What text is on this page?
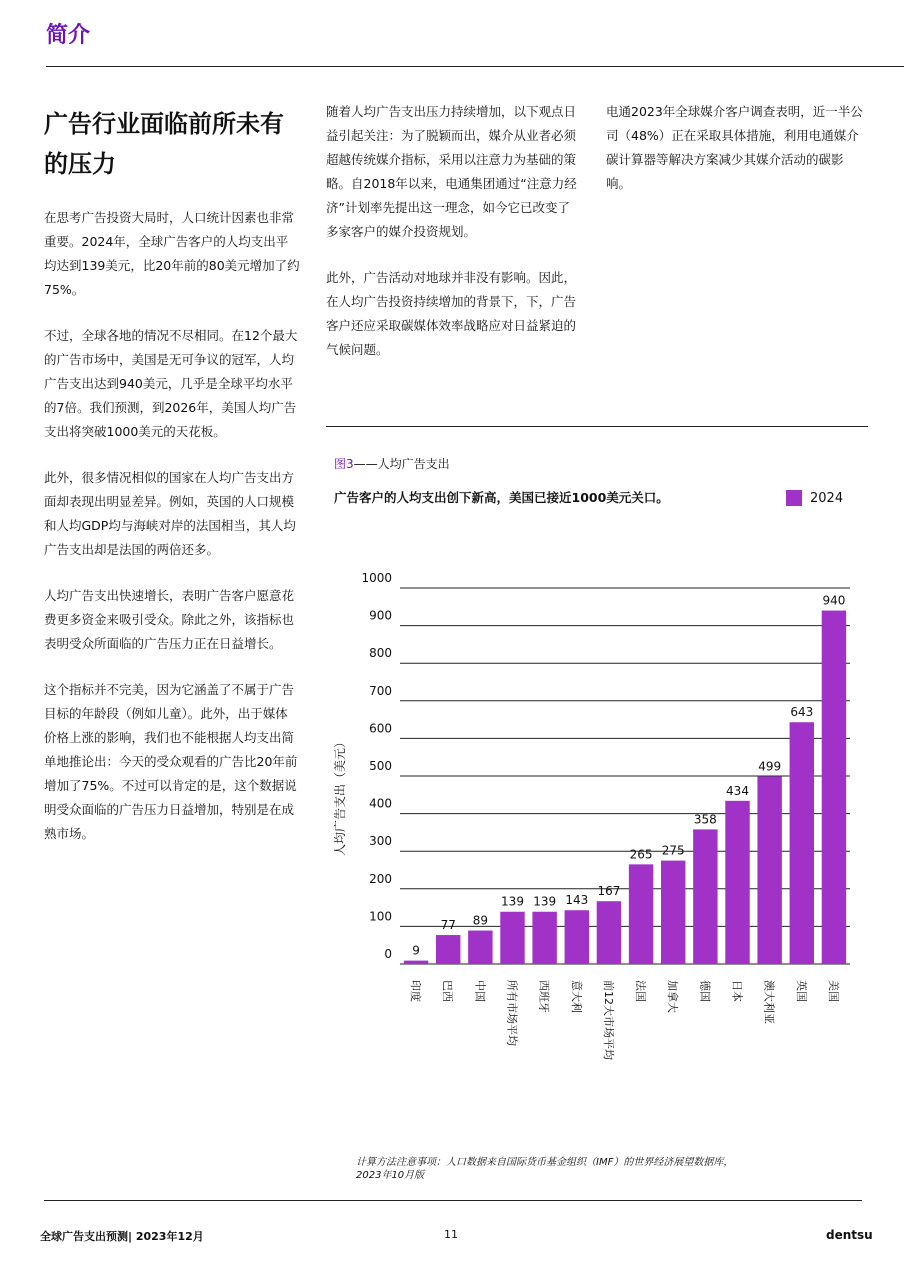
简介
广告行业面临前所未有的压力

在思考广告投资大局时，人口统计因素也非常重要。2024年，全球广告客户的人均支出平均达到139美元，比20年前的80美元增加了约75%。

不过，全球各地的情况不尽相同。在12个最大的广告市场中，美国是无可争议的冠军，人均广告支出达到940美元，几乎是全球平均水平的7倍。我们预测，到2026年，美国人均广告支出将突破1000美元的天花板。

此外，很多情况相似的国家在人均广告支出方面却表现出明显差异。例如，英国的人口规模和人均GDP均与海峡对岸的法国相当，其人均广告支出却是法国的两倍还多。

人均广告支出快速增长，表明广告客户愿意花费更多资金来吸引受众。除此之外，该指标也表明受众所面临的广告压力正在日益增长。

这个指标并不完美，因为它涵盖了不属于广告目标的年龄段（例如儿童）。此外，出于媒体价格上涨的影响，我们也不能根据人均支出简单地推论出：今天的受众观看的广告比20年前增加了75%。不过可以肯定的是，这个数据说明受众面临的广告压力日益增加，特别是在成熟市场。

随着人均广告支出压力持续增加，以下观点日益引起关注：为了脱颖而出，媒介从业者必须超越传统媒介指标，采用以注意力为基础的策略。自2018年以来，电通集团通过“注意力经济”计划率先提出这一理念，如今它已改变了多家客户的媒介投资规划。

此外，广告活动对地球并非没有影响。因此，在人均广告投资持续增加的背景下，下，广告客户还应采取碳媒体效率战略应对日益紧迫的气候问题。

电通2023年全球媒介客户调查表明，近一半公司（48%）正在采取具体措施，利用电通媒介碳计算器等解决方案减少其媒介活动的碳影响。

图3——人均广告支出
广告客户的人均支出创下新高，美国已接近1000美元关口。	2024
0
100
200
300
400
500
600
700
800
900
1000
人均广告支出（美元）
9
印度
77
巴西
89
中国
139
所有市场平均
139
西班牙
143
意大利
167
前12大市场平均
265
法国
275
加拿大
358
德国
434
日本
499
澳大利亚
643
英国
940
美国
计算方法注意事项：人口数据来自国际货币基金组织（IMF）的世界经济展望数据库，2023年10月版
全球广告支出预测| 2023年12月	11	dentsu
